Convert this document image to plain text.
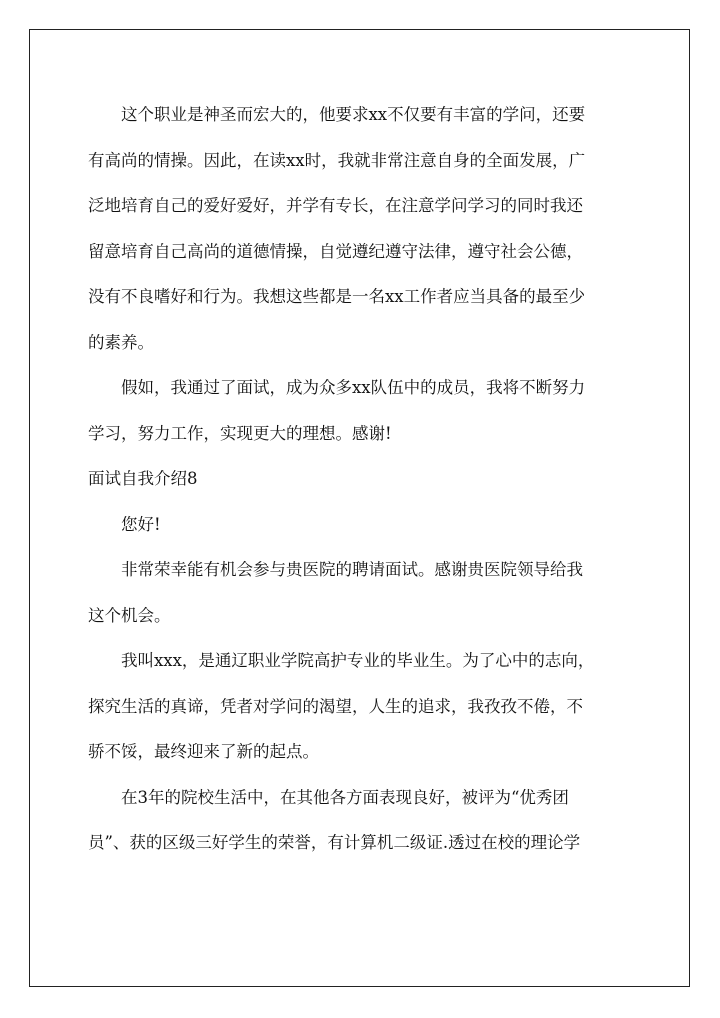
这个职业是神圣而宏大的，他要求xx不仅要有丰富的学问，还要
有高尚的情操。因此，在读xx时，我就非常注意自身的全面发展，广
泛地培育自己的爱好爱好，并学有专长，在注意学问学习的同时我还
留意培育自己高尚的道德情操，自觉遵纪遵守法律，遵守社会公德，
没有不良嗜好和行为。我想这些都是一名xx工作者应当具备的最至少
的素养。

假如，我通过了面试，成为众多xx队伍中的成员，我将不断努力
学习，努力工作，实现更大的理想。感谢!

面试自我介绍8

您好!

非常荣幸能有机会参与贵医院的聘请面试。感谢贵医院领导给我
这个机会。

我叫xxx，是通辽职业学院高护专业的毕业生。为了心中的志向，
探究生活的真谛，凭者对学问的渴望，人生的追求，我孜孜不倦，不
骄不馁，最终迎来了新的起点。

在3年的院校生活中，在其他各方面表现良好，被评为“优秀团
员”、获的区级三好学生的荣誉，有计算机二级证.透过在校的理论学
